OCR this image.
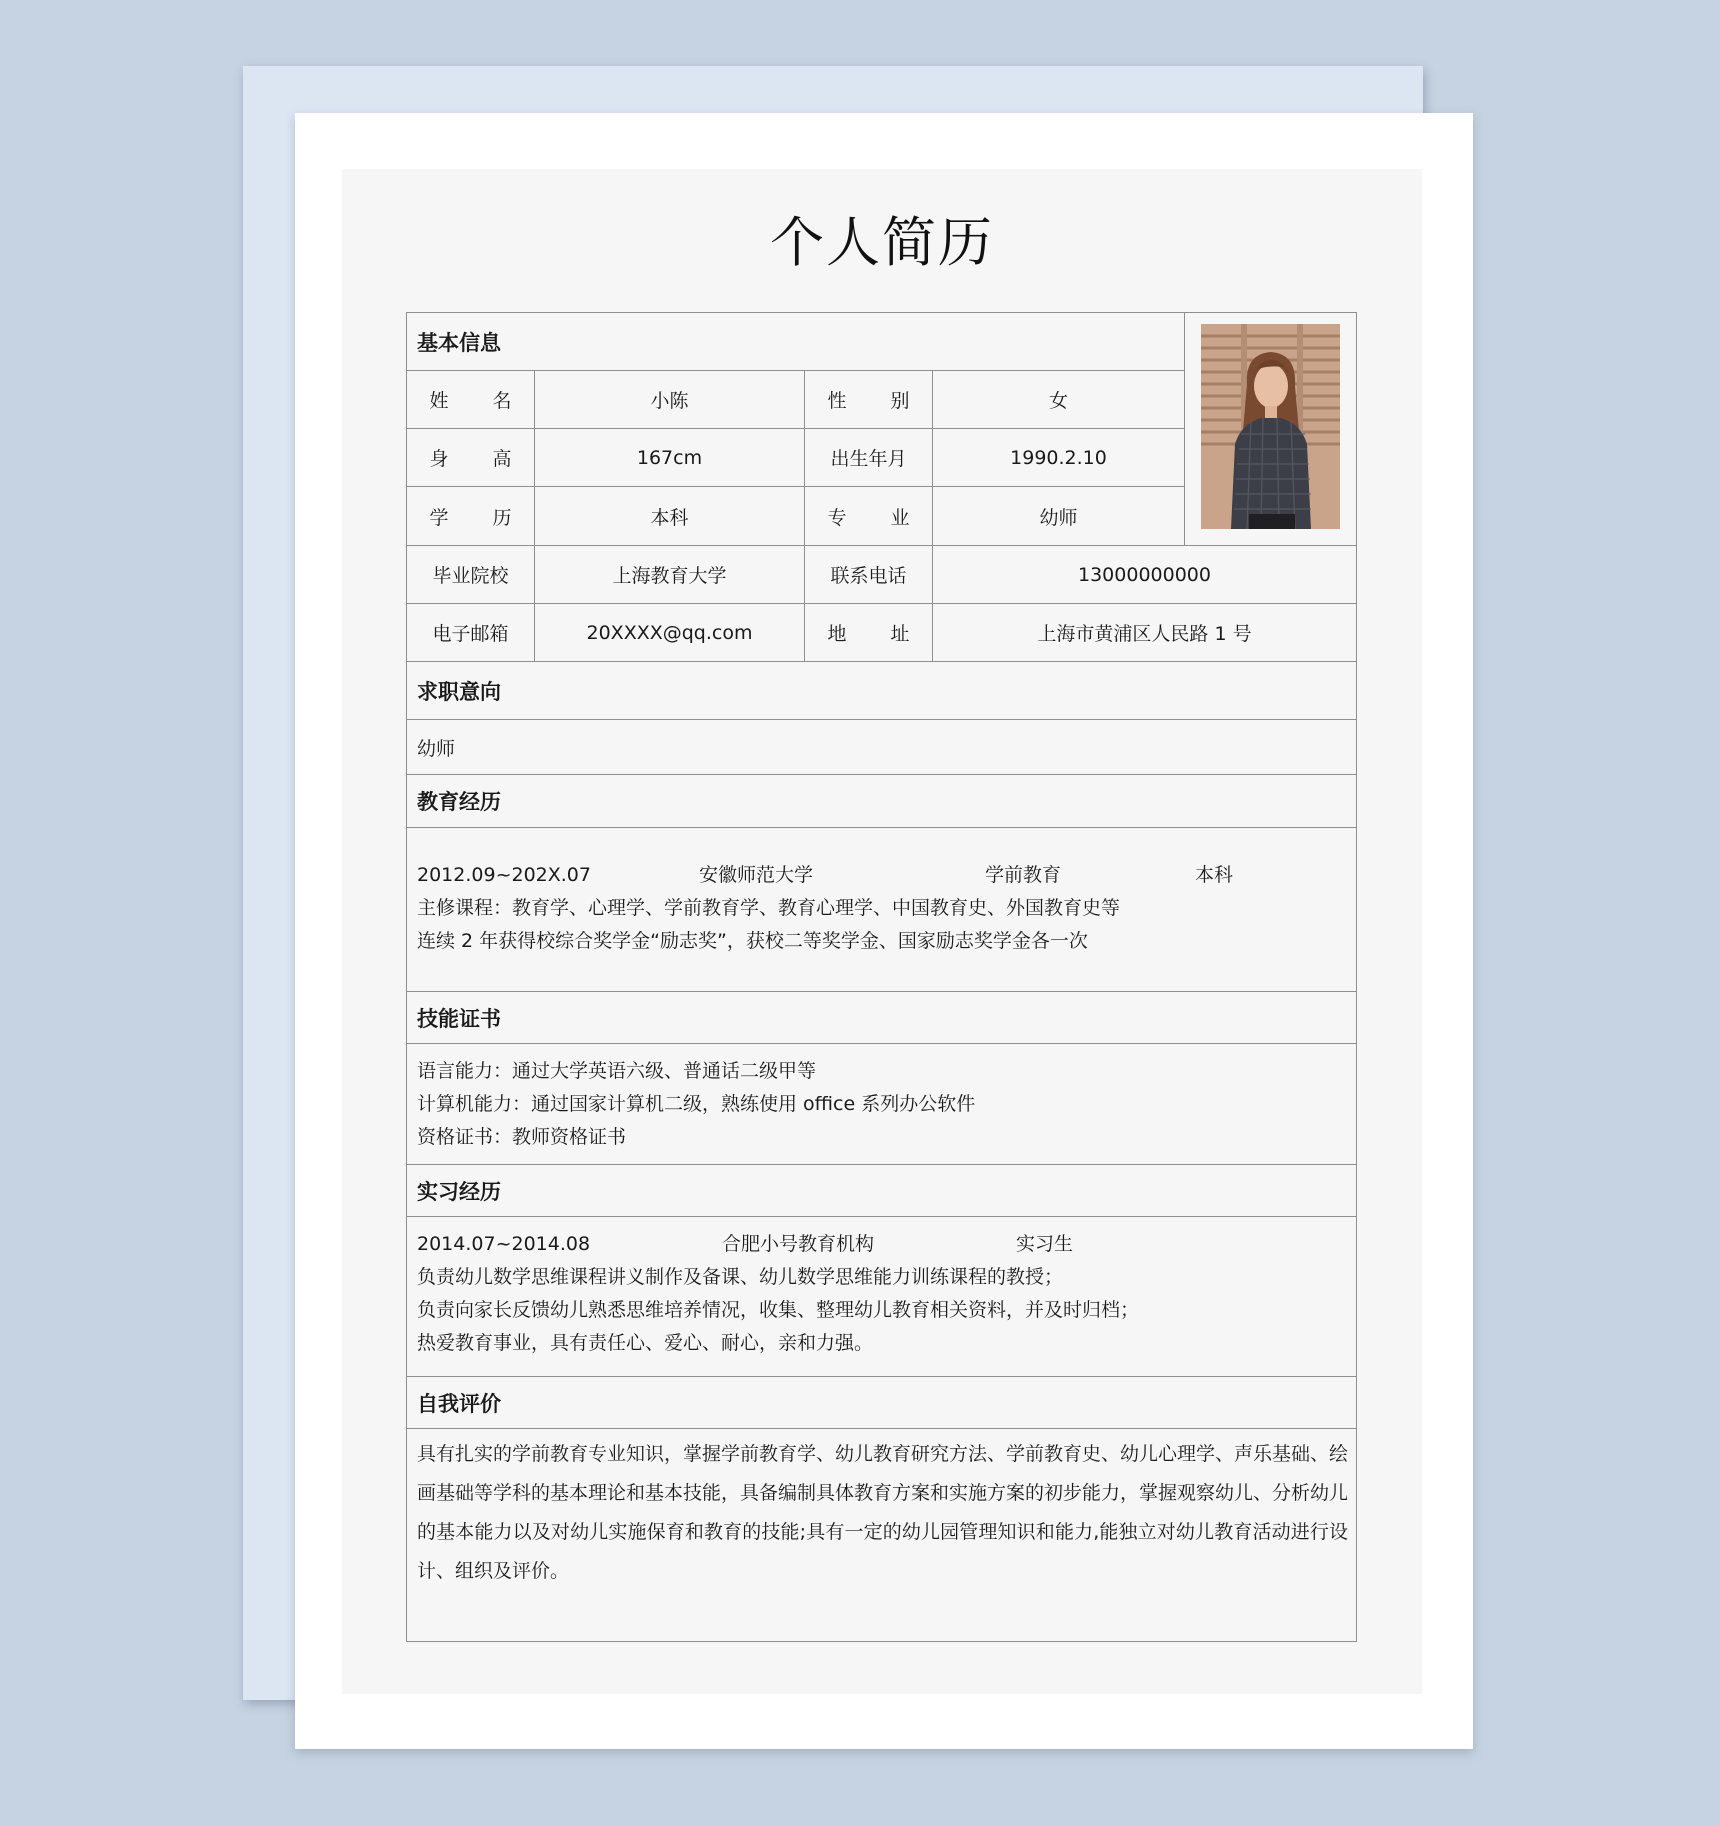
个人简历
基本信息
姓 名	小陈	性 别	女
身 高	167cm	出生年月	1990.2.10
学 历	本科	专 业	幼师
毕业院校	上海教育大学	联系电话	13000000000
电子邮箱	20XXXX@qq.com	地 址	上海市黄浦区人民路 1 号
求职意向
幼师
教育经历
2012.09~202X.07	安徽师范大学	学前教育	本科
主修课程：教育学、心理学、学前教育学、教育心理学、中国教育史、外国教育史等
连续 2 年获得校综合奖学金“励志奖”，获校二等奖学金、国家励志奖学金各一次
技能证书
语言能力：通过大学英语六级、普通话二级甲等
计算机能力：通过国家计算机二级，熟练使用 office 系列办公软件
资格证书：教师资格证书
实习经历
2014.07~2014.08	合肥小号教育机构	实习生
负责幼儿数学思维课程讲义制作及备课、幼儿数学思维能力训练课程的教授；
负责向家长反馈幼儿熟悉思维培养情况，收集、整理幼儿教育相关资料，并及时归档；
热爱教育事业，具有责任心、爱心、耐心，亲和力强。
自我评价
具有扎实的学前教育专业知识，掌握学前教育学、幼儿教育研究方法、学前教育史、幼儿心理学、声乐基础、绘画基础等学科的基本理论和基本技能，具备编制具体教育方案和实施方案的初步能力，掌握观察幼儿、分析幼儿的基本能力以及对幼儿实施保育和教育的技能;具有一定的幼儿园管理知识和能力,能独立对幼儿教育活动进行设计、组织及评价。
